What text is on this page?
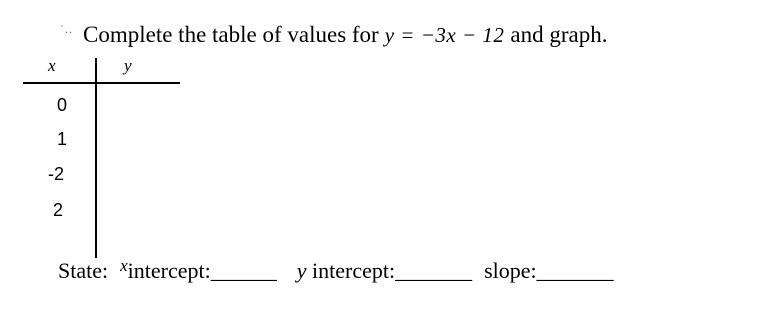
˙.. Complete the table of values for y = −3x − 12 and graph.
x	y
0
1
-2
2
State: $^x$intercept:______ y intercept:_______ slope:_______
